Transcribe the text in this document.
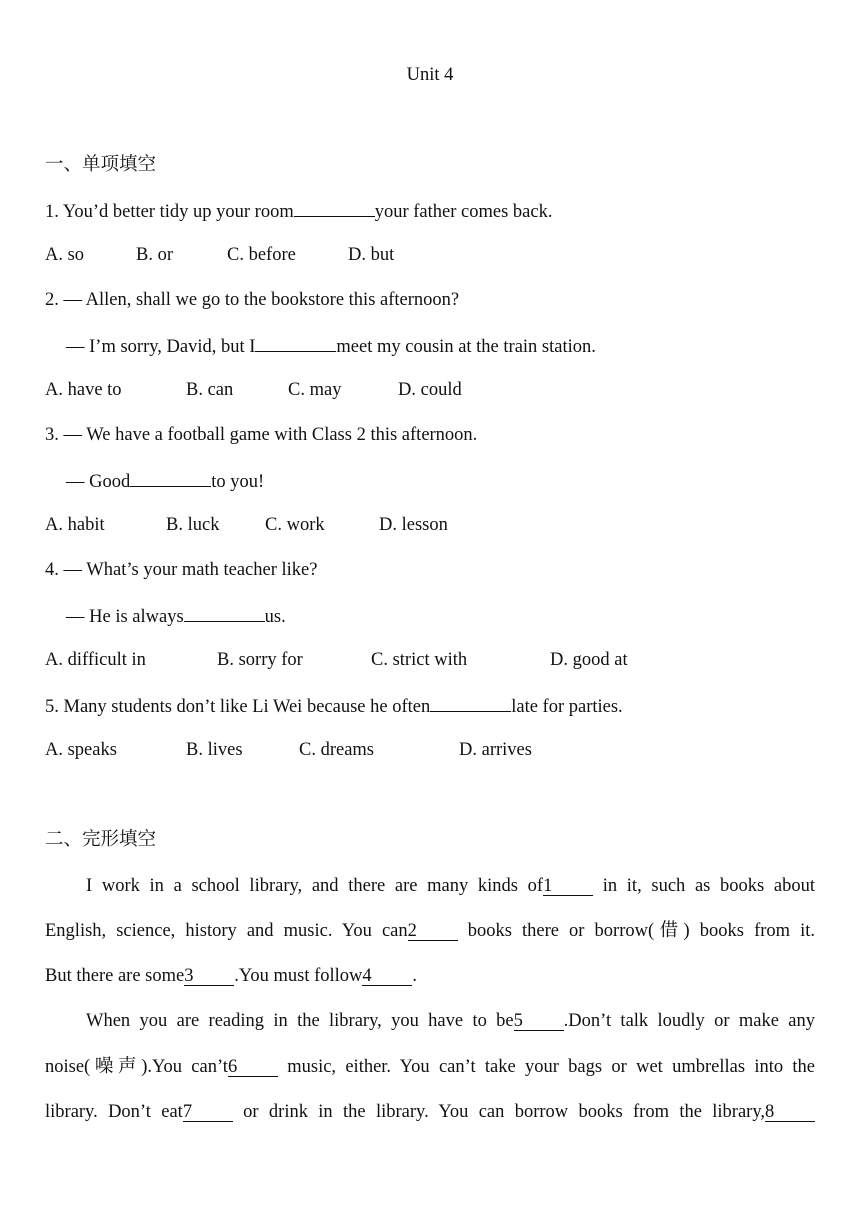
Unit 4
一、单项填空
1. You’d better tidy up your room	your father comes back.
A. so	B. or	C. before	D. but
2. — Allen, shall we go to the bookstore this afternoon?
— I’m sorry, David, but I	meet my cousin at the train station.
A. have to	B. can	C. may	D. could
3. — We have a football game with Class 2 this afternoon.
— Good	to you!
A. habit	B. luck C. work	D. lesson
4. — What’s your math teacher like?
— He is always	us.
A. difficult in	B. sorry for	C. strict with	D. good at
5. Many students don’t like Li Wei because he often	late for parties.
A. speaks	B. lives	C. dreams	D. arrives
二、完形填空
I work in a school library, and there are many kinds of1	in it, such as books about
English, science, history and music. You can2	books there or borrow(借) books from it.
But there are some3 .You must follow4 .
When you are reading in the library, you have to be5 .Don’t talk loudly or make any
noise(噪声).You can’t6	music, either. You can’t take your bags or wet umbrellas into the
library. Don’t eat7	or drink in the library. You can borrow books from the library,8
